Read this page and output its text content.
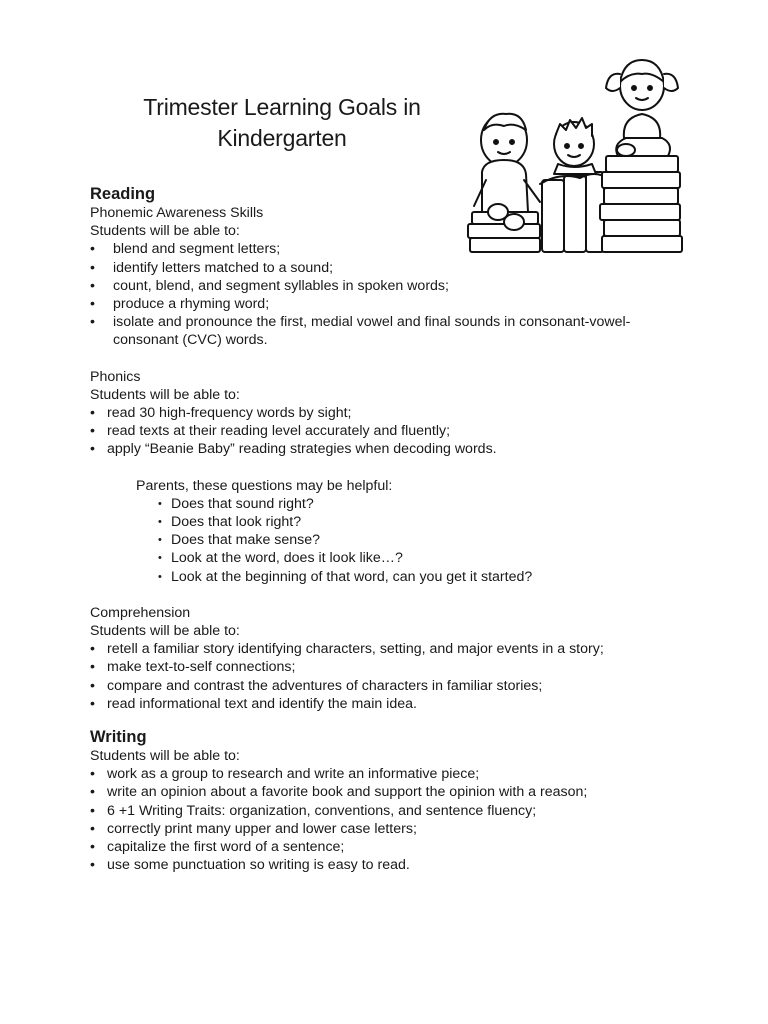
Trimester Learning Goals in
Kindergarten
Reading

Phonemic Awareness Skills

Students will be able to:

• blend and segment letters;
• identify letters matched to a sound;
• count, blend, and segment syllables in spoken words;
• produce a rhyming word;
• isolate and pronounce the first, medial vowel and final sounds in consonant-vowel-consonant (CVC) words.

Phonics

Students will be able to:

• read 30 high-frequency words by sight;
• read texts at their reading level accurately and fluently;
• apply “Beanie Baby” reading strategies when decoding words.

Parents, these questions may be helpful:

• Does that sound right?
• Does that look right?
• Does that make sense?
• Look at the word, does it look like…?
• Look at the beginning of that word, can you get it started?

Comprehension

Students will be able to:

• retell a familiar story identifying characters, setting, and major events in a story;
• make text-to-self connections;
• compare and contrast the adventures of characters in familiar stories;
• read informational text and identify the main idea.
Writing

Students will be able to:

• work as a group to research and write an informative piece;
• write an opinion about a favorite book and support the opinion with a reason;
• 6 +1 Writing Traits: organization, conventions, and sentence fluency;
• correctly print many upper and lower case letters;
• capitalize the first word of a sentence;
• use some punctuation so writing is easy to read.
